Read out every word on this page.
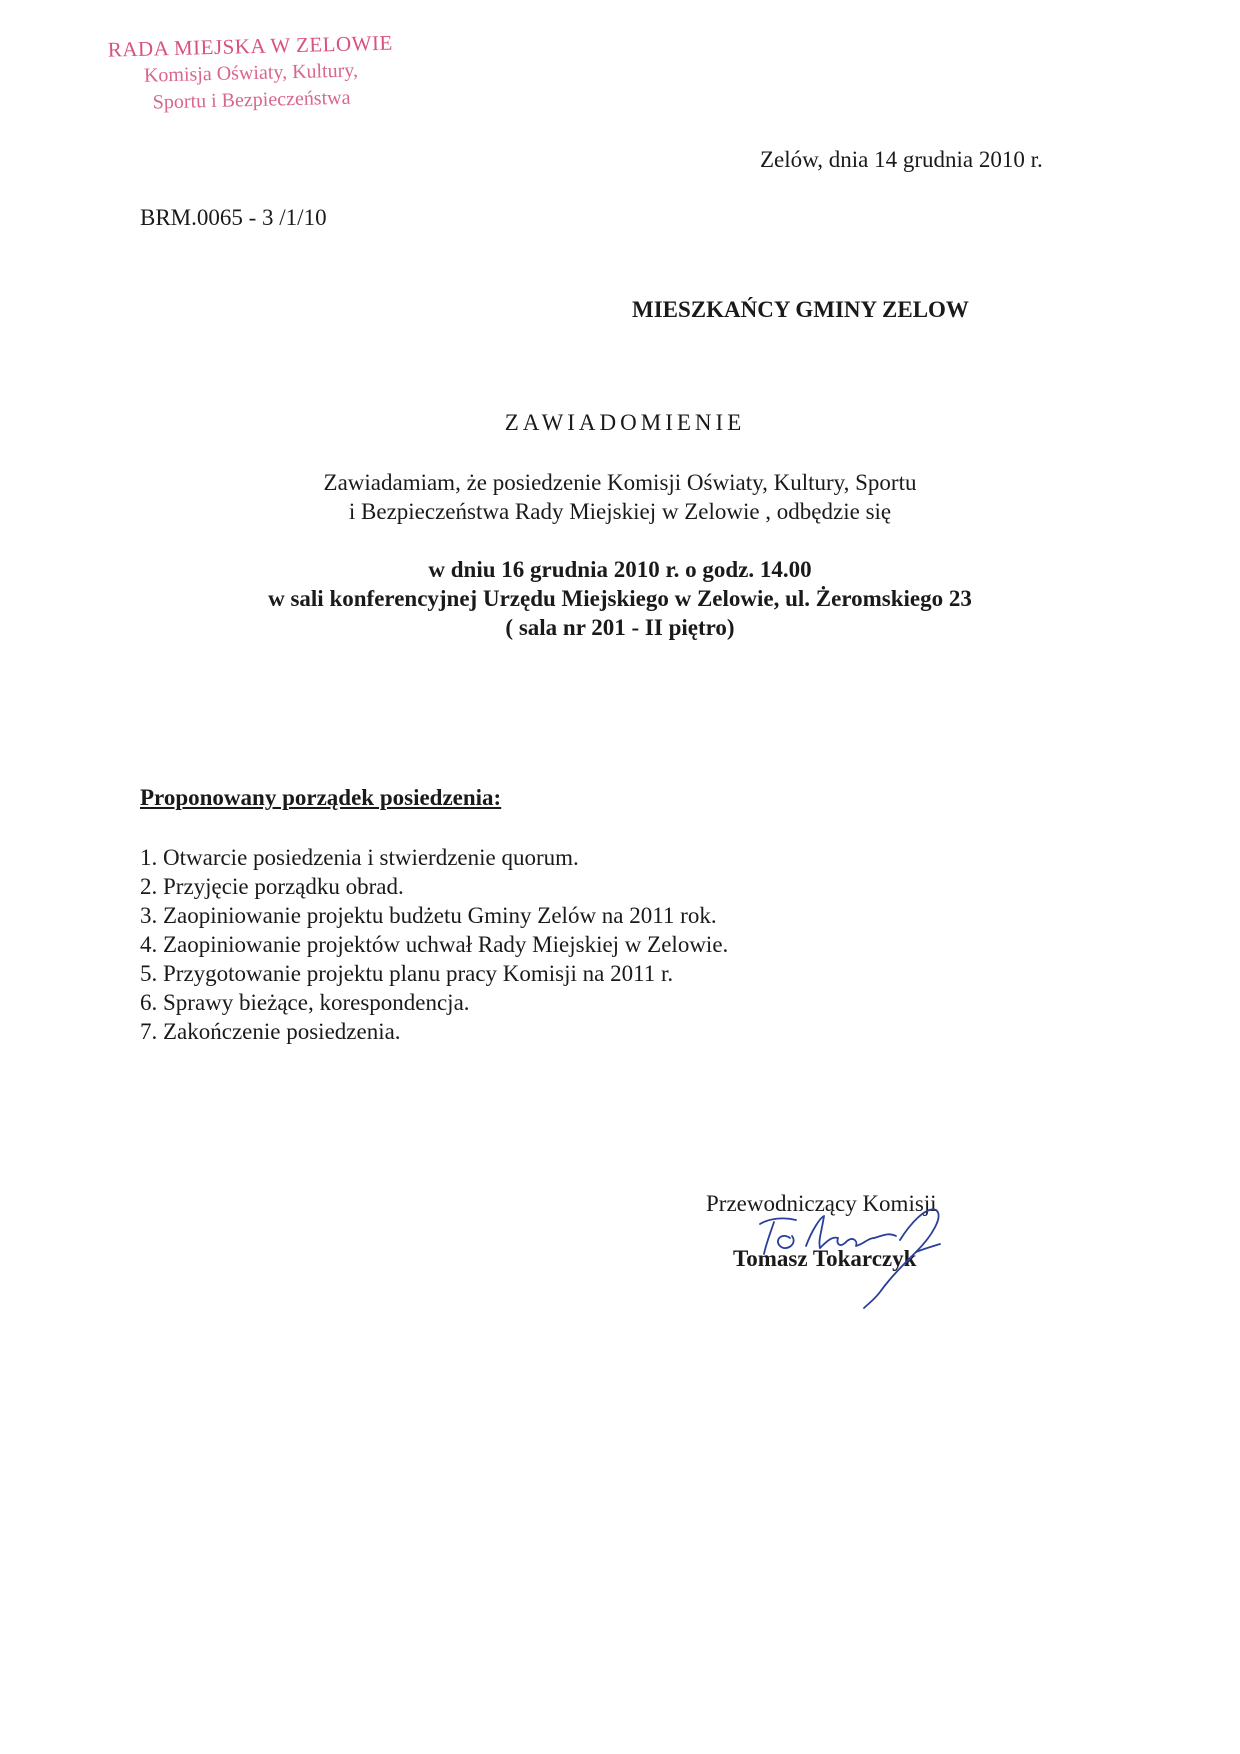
RADA MIEJSKA W ZELOWIE
Komisja Oświaty, Kultury,
Sportu i Bezpieczeństwa
Zelów, dnia 14 grudnia 2010 r.
BRM.0065 - 3 /1/10
MIESZKAŃCY GMINY ZELOW
ZAWIADOMIENIE
Zawiadamiam, że posiedzenie Komisji Oświaty, Kultury, Sportu
i Bezpieczeństwa Rady Miejskiej w Zelowie , odbędzie się
w dniu 16 grudnia 2010 r. o godz. 14.00
w sali konferencyjnej Urzędu Miejskiego w Zelowie, ul. Żeromskiego 23
( sala nr 201 - II piętro)
Proponowany porządek posiedzenia:
1. Otwarcie posiedzenia i stwierdzenie quorum.
2. Przyjęcie porządku obrad.
3. Zaopiniowanie projektu budżetu Gminy Zelów na 2011 rok.
4. Zaopiniowanie projektów uchwał Rady Miejskiej w Zelowie.
5. Przygotowanie projektu planu pracy Komisji na 2011 r.
6. Sprawy bieżące, korespondencja.
7. Zakończenie posiedzenia.
Przewodniczący Komisji
Tomasz Tokarczyk
